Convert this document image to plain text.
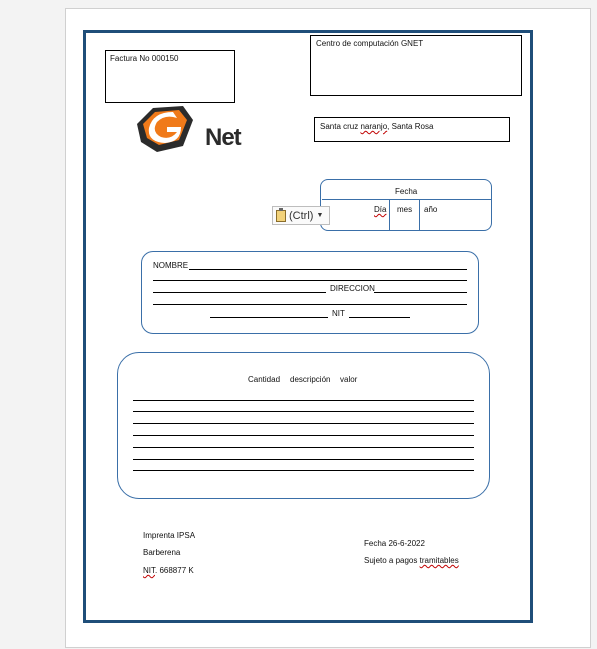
Factura No 000150
Centro de computación GNET
Net	Santa cruz naranjo, Santa Rosa
Fecha
Día mes año
(Ctrl) ▼
NOMBRE
DIRECCION
NIT
Cantidad descripción valor
Imprenta IPSA
Barberena
NIT. 668877 K
Fecha 26-6-2022
Sujeto a pagos tramitables
